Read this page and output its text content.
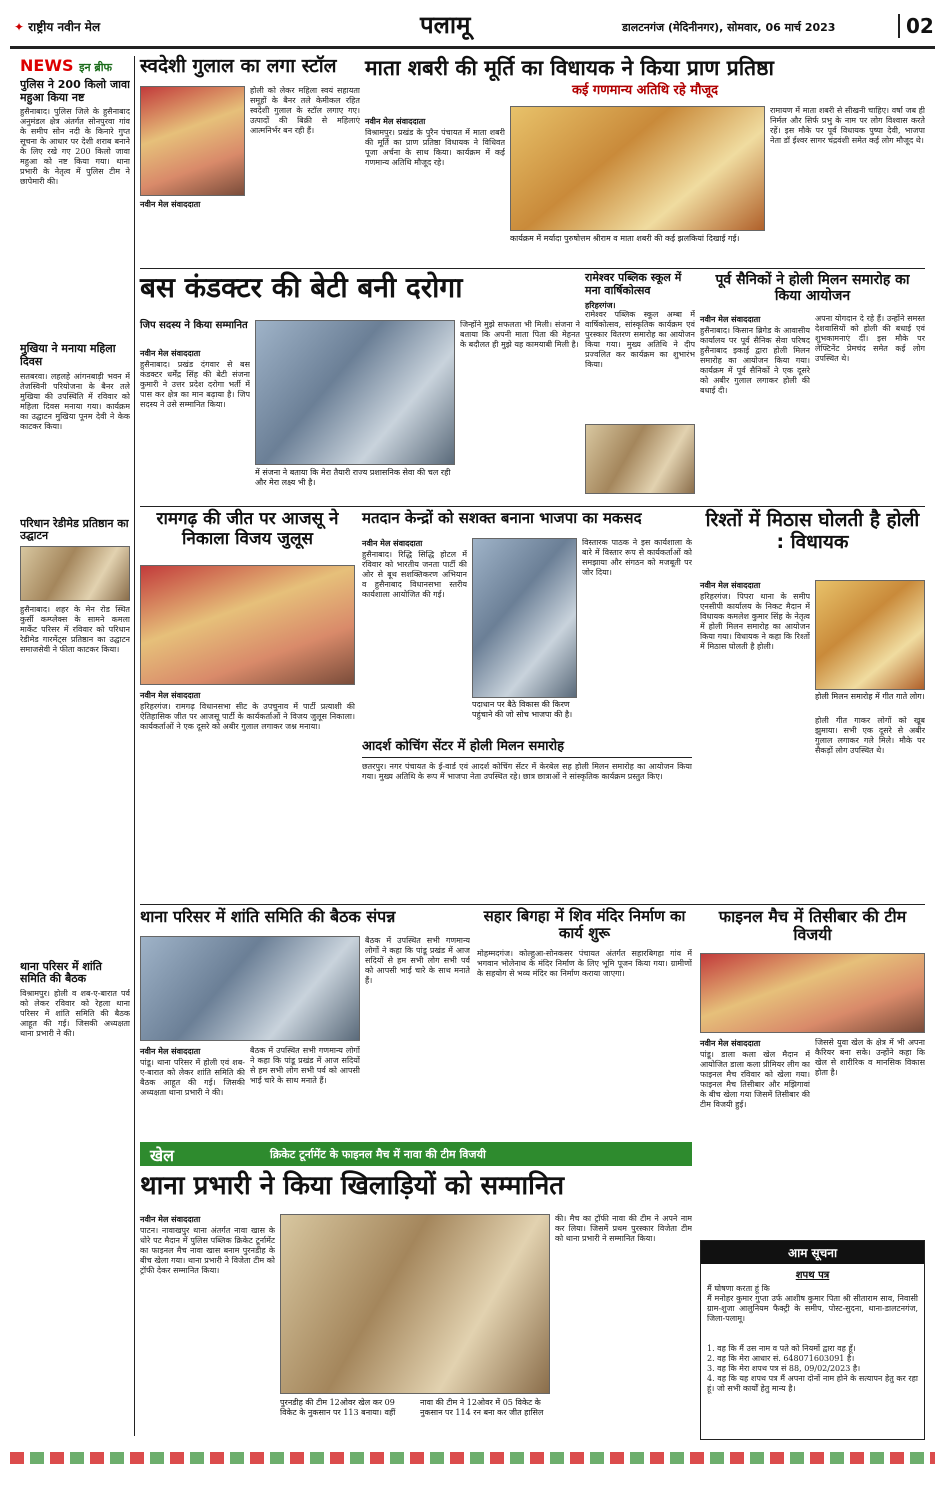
✦ राष्ट्रीय नवीन मेल	पलामू	डालटनगंज (मेदिनीनगर), सोमवार, 06 मार्च 2023	02
NEWS इन ब्रीफ
पुलिस ने 200 किलो जावा महुआ किया नष्ट
हुसैनाबाद। पुलिस जिले के हुसैनाबाद अनुमंडल क्षेत्र अंतर्गत सोनपुरवा गांव के समीप सोन नदी के किनारे गुप्त सूचना के आधार पर देशी शराब बनाने के लिए रखे गए 200 किलो जावा महुआ को नष्ट किया गया। थाना प्रभारी के नेतृत्व में पुलिस टीम ने छापेमारी की।
मुखिया ने मनाया महिला दिवस
सतबरवा। लहलहे आंगनबाड़ी भवन में तेजस्विनी परियोजना के बैनर तले मुखिया की उपस्थिति में रविवार को महिला दिवस मनाया गया। कार्यक्रम का उद्घाटन मुखिया पूनम देवी ने केक काटकर किया।
परिधान रेडीमेड प्रतिष्ठान का उद्घाटन
हुसैनाबाद। शहर के मेन रोड स्थित कुर्सी कम्प्लेक्स के सामने कमला मार्केट परिसर में रविवार को परिधान रेडीमेड गारमेंट्स प्रतिष्ठान का उद्घाटन समाजसेवी ने फीता काटकर किया।
थाना परिसर में शांति समिति की बैठक
विश्रामपुर। होली व शब-ए-बारात पर्व को लेकर रविवार को रेहला थाना परिसर में शांति समिति की बैठक आहूत की गई। जिसकी अध्यक्षता थाना प्रभारी ने की।
स्वदेशी गुलाल का लगा स्टॉल
नवीन मेल संवाददाता
होली को लेकर महिला स्वयं सहायता समूहों के बैनर तले केमीकल रहित स्वदेशी गुलाल के स्टॉल लगाए गए। उत्पादों की बिक्री से महिलाएं आत्मनिर्भर बन रही हैं।
माता शबरी की मूर्ति का विधायक ने किया प्राण प्रतिष्ठा
कई गणमान्य अतिथि रहे मौजूद
नवीन मेल संवाददाता
विश्रामपुर। प्रखंड के पुरैन पंचायत में माता शबरी की मूर्ति का प्राण प्रतिष्ठा विधायक ने विधिवत पूजा अर्चना के साथ किया। कार्यक्रम में कई गणमान्य अतिथि मौजूद रहे।
कार्यक्रम में मर्यादा पुरुषोत्तम श्रीराम व माता शबरी की कई झलकियां दिखाई गई।
रामायण में माता शबरी से सीखनी चाहिए। वर्षा जब ही निर्मल और सिर्फ प्रभु के नाम पर लोग विश्वास करते रहें। इस मौके पर पूर्व विधायक पुष्पा देवी, भाजपा नेता डॉ ईश्वर सागर चंद्रवंशी समेत कई लोग मौजूद थे।
बस कंडक्टर की बेटी बनी दरोगा
जिप सदस्य ने किया सम्मानित
नवीन मेल संवाददाता
हुसैनाबाद। प्रखंड दंगवार से बस कंडक्टर धर्मेंद्र सिंह की बेटी संजना कुमारी ने उत्तर प्रदेश दरोगा भर्ती में पास कर क्षेत्र का मान बढ़ाया है। जिप सदस्य ने उसे सम्मानित किया।
में संजना ने बताया कि मेरा तैयारी राज्य प्रशासनिक सेवा की चल रही और मेरा लक्ष्य भी है।
जिन्होंने मुझे सफलता भी मिली। संजना ने बताया कि अपनी माता पिता की मेहनत के बदौलत ही मुझे यह कामयाबी मिली है।
रामेश्वर पब्लिक स्कूल में मना वार्षिकोत्सव
हरिहरगंज।
रामेश्वर पब्लिक स्कूल अम्बा में वार्षिकोत्सव, सांस्कृतिक कार्यक्रम एवं पुरस्कार वितरण समारोह का आयोजन किया गया। मुख्य अतिथि ने दीप प्रज्वलित कर कार्यक्रम का शुभारंभ किया।
पूर्व सैनिकों ने होली मिलन समारोह का किया आयोजन
नवीन मेल संवाददाता
हुसैनाबाद। किसान ब्रिगेड के आवासीय कार्यालय पर पूर्व सैनिक सेवा परिषद हुसैनाबाद इकाई द्वारा होली मिलन समारोह का आयोजन किया गया। कार्यक्रम में पूर्व सैनिकों ने एक दूसरे को अबीर गुलाल लगाकर होली की बधाई दी।
अपना योगदान दे रहे हैं। उन्होंने समस्त देशवासियों को होली की बधाई एवं शुभकामनाएं दीं। इस मौके पर लेफ्टिनेंट प्रेमचंद समेत कई लोग उपस्थित थे।
रामगढ़ की जीत पर आजसू ने निकाला विजय जुलूस
नवीन मेल संवाददाता
हरिहरगंज। रामगढ़ विधानसभा सीट के उपचुनाव में पार्टी प्रत्याशी की ऐतिहासिक जीत पर आजसू पार्टी के कार्यकर्ताओं ने विजय जुलूस निकाला। कार्यकर्ताओं ने एक दूसरे को अबीर गुलाल लगाकर जश्न मनाया।
मतदान केन्द्रों को सशक्त बनाना भाजपा का मकसद
नवीन मेल संवाददाता
हुसैनाबाद। रिद्धि सिद्धि होटल में रविवार को भारतीय जनता पार्टी की ओर से बूथ सशक्तिकरण अभियान व हुसैनाबाद विधानसभा स्तरीय कार्यशाला आयोजित की गई।
पदाधान पर बैठे विकास की किरण पहुंचाने की जो सोच भाजपा की है।
विस्तारक पाठक ने इस कार्यशाला के बारे में विस्तार रूप से कार्यकर्ताओं को समझाया और संगठन को मजबूती पर जोर दिया।
आदर्श कोचिंग सेंटर में होली मिलन समारोह
छतरपुर। नगर पंचायत के ई-वार्ड एवं आदर्श कोचिंग सेंटर में केरबेल सह होली मिलन समारोह का आयोजन किया गया। मुख्य अतिथि के रूप में भाजपा नेता उपस्थित रहे। छात्र छात्राओं ने सांस्कृतिक कार्यक्रम प्रस्तुत किए।
रिश्तों में मिठास घोलती है होली : विधायक
नवीन मेल संवाददाता
हरिहरगंज। पिपरा थाना के समीप एनसीपी कार्यालय के निकट मैदान में विधायक कमलेश कुमार सिंह के नेतृत्व में होली मिलन समारोह का आयोजन किया गया। विधायक ने कहा कि रिश्तों में मिठास घोलती है होली।
होली मिलन समारोह में गीत गाते लोग।
होली गीत गाकर लोगों को खूब झुमाया। सभी एक दूसरे से अबीर गुलाल लगाकर गले मिले। मौके पर सैकड़ों लोग उपस्थित थे।
थाना परिसर में शांति समिति की बैठक संपन्न
नवीन मेल संवाददाता
पांडू। थाना परिसर में होली एवं शब-ए-बारात को लेकर शांति समिति की बैठक आहूत की गई। जिसकी अध्यक्षता थाना प्रभारी ने की।
बैठक में उपस्थित सभी गणमान्य लोगों ने कहा कि पांडू प्रखंड में आज सदियों से हम सभी लोग सभी पर्व को आपसी भाई चारे के साथ मनाते हैं।
बैठक में उपस्थित सभी गणमान्य लोगों ने कहा कि पांडू प्रखंड में आज सदियों से हम सभी लोग सभी पर्व को आपसी भाई चारे के साथ मनाते हैं।
सहार बिगहा में शिव मंदिर निर्माण का कार्य शुरू
मोहम्मदगंज। कोल्हुआ-सोनकसर पंचायत अंतर्गत सहारबिगहा गांव में भगवान भोलेनाथ के मंदिर निर्माण के लिए भूमि पूजन किया गया। ग्रामीणों के सहयोग से भव्य मंदिर का निर्माण कराया जाएगा।
फाइनल मैच में तिसीबार की टीम विजयी
नवीन मेल संवाददाता
पांडू। डाला कला खेल मैदान में आयोजित डाला कला प्रीमियर लीग का फाइनल मैच रविवार को खेला गया। फाइनल मैच तिसीबार और मझिगावां के बीच खेला गया जिसमें तिसीबार की टीम विजयी हुई।
जिससे युवा खेल के क्षेत्र में भी अपना कैरियर बना सके। उन्होंने कहा कि खेल से शारीरिक व मानसिक विकास होता है।
खेल	क्रिकेट टूर्नामेंट के फाइनल मैच में नावा की टीम विजयी
थाना प्रभारी ने किया खिलाड़ियों को सम्मानित
नवीन मेल संवाददाता
पाटन। नावाखपुर थाना अंतर्गत नावा खास के धोरे पट मैदान में पुलिस पब्लिक क्रिकेट टूर्नामेंट का फाइनल मैच नावा खास बनाम पुरनडीह के बीच खेला गया। थाना प्रभारी ने विजेता टीम को ट्रॉफी देकर सम्मानित किया।
पुरनडीह की टीम 12ओवर खेल कर 09 विकेट के नुकसान पर 113 बनाया। वहीं
नावा की टीम ने 12ओवर में 05 विकेट के नुकसान पर 114 रन बना कर जीत हासिल
की। मैच का ट्रॉफी नावा की टीम ने अपने नाम कर लिया। जिसमें प्रथम पुरस्कार विजेता टीम को थाना प्रभारी ने सम्मानित किया।
आम सूचना
शपथ पत्र
मैं घोषणा करता हूं कि
मैं मनोहर कुमार गुप्ता उर्फ आशीष कुमार पिता श्री सीताराम साव, निवासी ग्राम-शुजा आलुनियम फैक्ट्री के समीप, पोस्ट-सुदना, थाना-डालटनगंज, जिला-पलामू।
1. वह कि मैं उस नाम व पते को नियमों द्वारा वह हूँ।
2. वह कि मेरा आधार सं. 648071603091 है।
3. वह कि मेरा शपथ पत्र सं 88, 09/02/2023 है।
4. वह कि यह शपथ पत्र मैं अपना दोनों नाम होने के सत्यापन हेतु कर रहा हूं। जो सभी कार्यों हेतु मान्य है।
